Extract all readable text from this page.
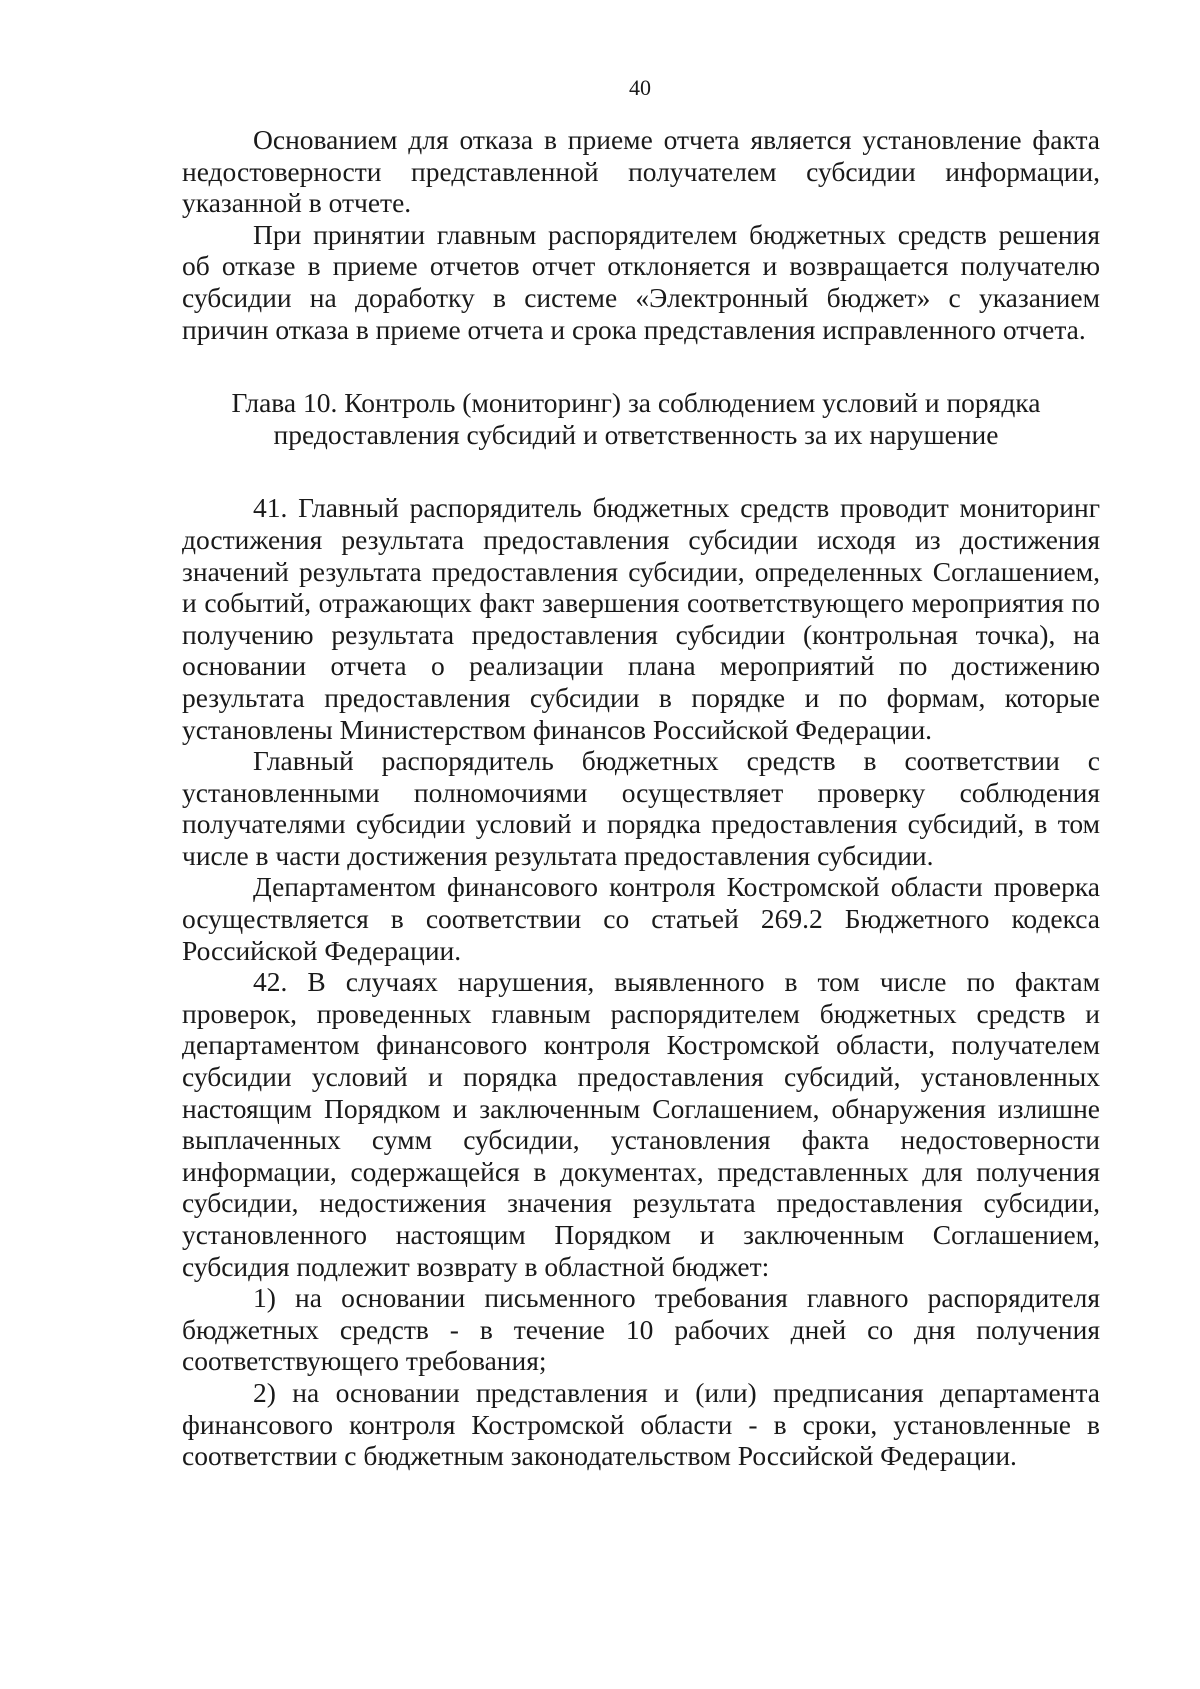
40

Основанием для отказа в приеме отчета является установление факта недостоверности представленной получателем субсидии информации, указанной в отчете.

При принятии главным распорядителем бюджетных средств решения об отказе в приеме отчетов отчет отклоняется и возвращается получателю субсидии на доработку в системе «Электронный бюджет» с указанием причин отказа в приеме отчета и срока представления исправленного отчета.

Глава 10. Контроль (мониторинг) за соблюдением условий и порядка
предоставления субсидий и ответственность за их нарушение

41. Главный распорядитель бюджетных средств проводит мониторинг достижения результата предоставления субсидии исходя из достижения значений результата предоставления субсидии, определенных Соглашением, и событий, отражающих факт завершения соответствующего мероприятия по получению результата предоставления субсидии (контрольная точка), на основании отчета о реализации плана мероприятий по достижению результата предоставления субсидии в порядке и по формам, которые установлены Министерством финансов Российской Федерации.

Главный распорядитель бюджетных средств в соответствии с установленными полномочиями осуществляет проверку соблюдения получателями субсидии условий и порядка предоставления субсидий, в том числе в части достижения результата предоставления субсидии.

Департаментом финансового контроля Костромской области проверка осуществляется в соответствии со статьей 269.2 Бюджетного кодекса Российской Федерации.

42. В случаях нарушения, выявленного в том числе по фактам проверок, проведенных главным распорядителем бюджетных средств и департаментом финансового контроля Костромской области, получателем субсидии условий и порядка предоставления субсидий, установленных настоящим Порядком и заключенным Соглашением, обнаружения излишне выплаченных сумм субсидии, установления факта недостоверности информации, содержащейся в документах, представленных для получения субсидии, недостижения значения результата предоставления субсидии, установленного настоящим Порядком и заключенным Соглашением, субсидия подлежит возврату в областной бюджет:

1) на основании письменного требования главного распорядителя бюджетных средств - в течение 10 рабочих дней со дня получения соответствующего требования;

2) на основании представления и (или) предписания департамента финансового контроля Костромской области - в сроки, установленные в соответствии с бюджетным законодательством Российской Федерации.
